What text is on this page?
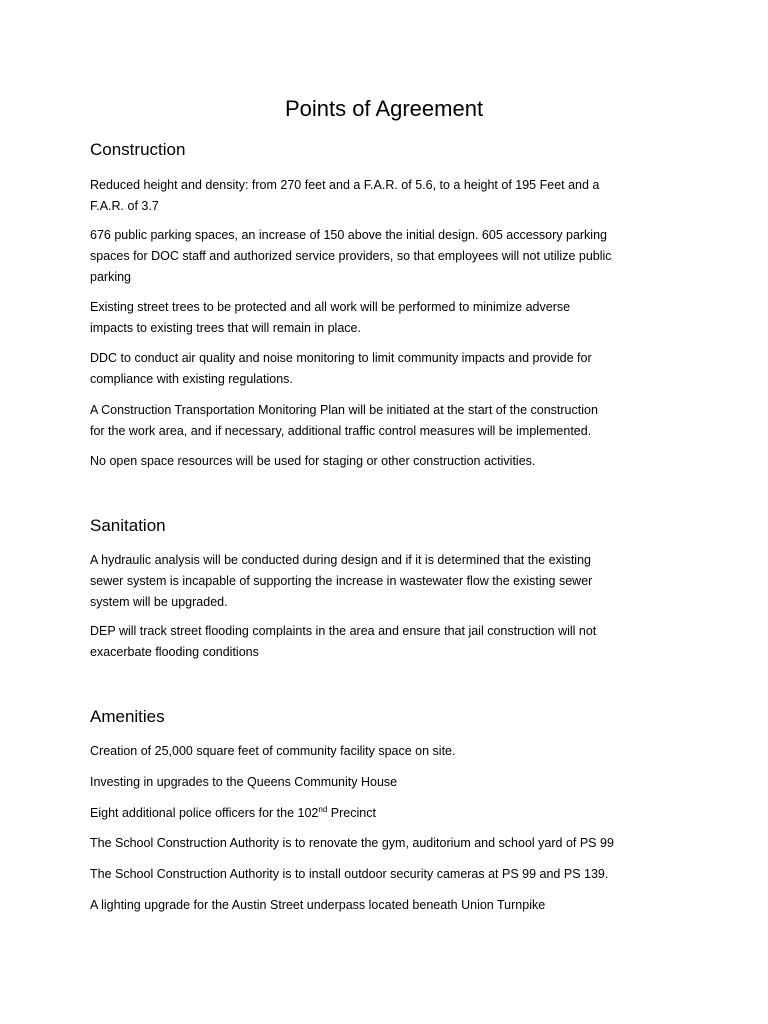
Points of Agreement
Construction
Reduced height and density: from 270 feet and a F.A.R. of 5.6, to a height of 195 Feet and a
F.A.R. of 3.7
676 public parking spaces, an increase of 150 above the initial design. 605 accessory parking
spaces for DOC staff and authorized service providers, so that employees will not utilize public
parking
Existing street trees to be protected and all work will be performed to minimize adverse
impacts to existing trees that will remain in place.
DDC to conduct air quality and noise monitoring to limit community impacts and provide for
compliance with existing regulations.
A Construction Transportation Monitoring Plan will be initiated at the start of the construction
for the work area, and if necessary, additional traffic control measures will be implemented.
No open space resources will be used for staging or other construction activities.
Sanitation
A hydraulic analysis will be conducted during design and if it is determined that the existing
sewer system is incapable of supporting the increase in wastewater flow the existing sewer
system will be upgraded.
DEP will track street flooding complaints in the area and ensure that jail construction will not
exacerbate flooding conditions
Amenities
Creation of 25,000 square feet of community facility space on site.
Investing in upgrades to the Queens Community House
Eight additional police officers for the 102nd Precinct
The School Construction Authority is to renovate the gym, auditorium and school yard of PS 99
The School Construction Authority is to install outdoor security cameras at PS 99 and PS 139.
A lighting upgrade for the Austin Street underpass located beneath Union Turnpike
